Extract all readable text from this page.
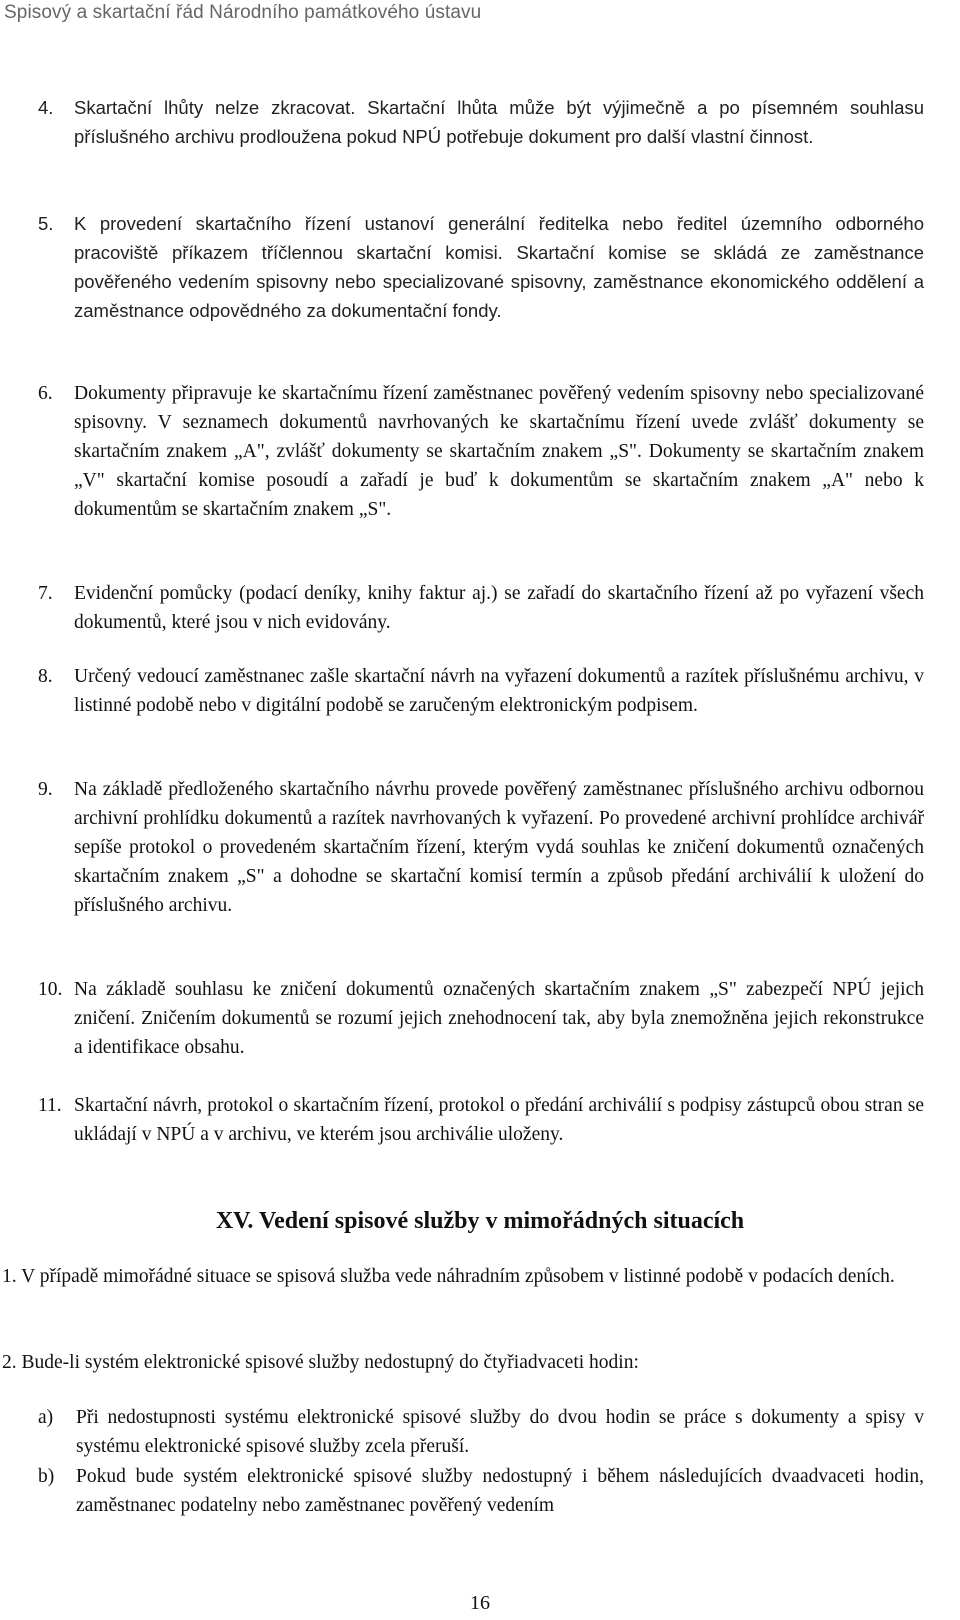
Spisový a skartační řád Národního památkového ústavu
4. Skartační lhůty nelze zkracovat. Skartační lhůta může být výjimečně a po písemném souhlasu příslušného archivu prodloužena pokud NPÚ potřebuje dokument pro další vlastní činnost.
5. K provedení skartačního řízení ustanoví generální ředitelka nebo ředitel územního odborného pracoviště příkazem tříčlennou skartační komisi. Skartační komise se skládá ze zaměstnance pověřeného vedením spisovny nebo specializované spisovny, zaměstnance ekonomického oddělení a zaměstnance odpovědného za dokumentační fondy.
6. Dokumenty připravuje ke skartačnímu řízení zaměstnanec pověřený vedením spisovny nebo specializované spisovny. V seznamech dokumentů navrhovaných ke skartačnímu řízení uvede zvlášť dokumenty se skartačním znakem „A", zvlášť dokumenty se skartačním znakem „S". Dokumenty se skartačním znakem „V" skartační komise posoudí a zařadí je buď k dokumentům se skartačním znakem „A" nebo k dokumentům se skartačním znakem „S".
7. Evidenční pomůcky (podací deníky, knihy faktur aj.) se zařadí do skartačního řízení až po vyřazení všech dokumentů, které jsou v nich evidovány.
8. Určený vedoucí zaměstnanec zašle skartační návrh na vyřazení dokumentů a razítek příslušnému archivu, v listinné podobě nebo v digitální podobě se zaručeným elektronickým podpisem.
9. Na základě předloženého skartačního návrhu provede pověřený zaměstnanec příslušného archivu odbornou archivní prohlídku dokumentů a razítek navrhovaných k vyřazení. Po provedené archivní prohlídce archivář sepíše protokol o provedeném skartačním řízení, kterým vydá souhlas ke zničení dokumentů označených skartačním znakem „S" a dohodne se skartační komisí termín a způsob předání archiválií k uložení do příslušného archivu.
10. Na základě souhlasu ke zničení dokumentů označených skartačním znakem „S" zabezpečí NPÚ jejich zničení. Zničením dokumentů se rozumí jejich znehodnocení tak, aby byla znemožněna jejich rekonstrukce a identifikace obsahu.
11. Skartační návrh, protokol o skartačním řízení, protokol o předání archiválií s podpisy zástupců obou stran se ukládají v NPÚ a v archivu, ve kterém jsou archiválie uloženy.
XV. Vedení spisové služby v mimořádných situacích
1. V případě mimořádné situace se spisová služba vede náhradním způsobem v listinné podobě v podacích deních.
2. Bude-li systém elektronické spisové služby nedostupný do čtyřiadvaceti hodin:
a) Při nedostupnosti systému elektronické spisové služby do dvou hodin se práce s dokumenty a spisy v systému elektronické spisové služby zcela přeruší.
b) Pokud bude systém elektronické spisové služby nedostupný i během následujících dvaadvaceti hodin, zaměstnanec podatelny nebo zaměstnanec pověřený vedením
16
